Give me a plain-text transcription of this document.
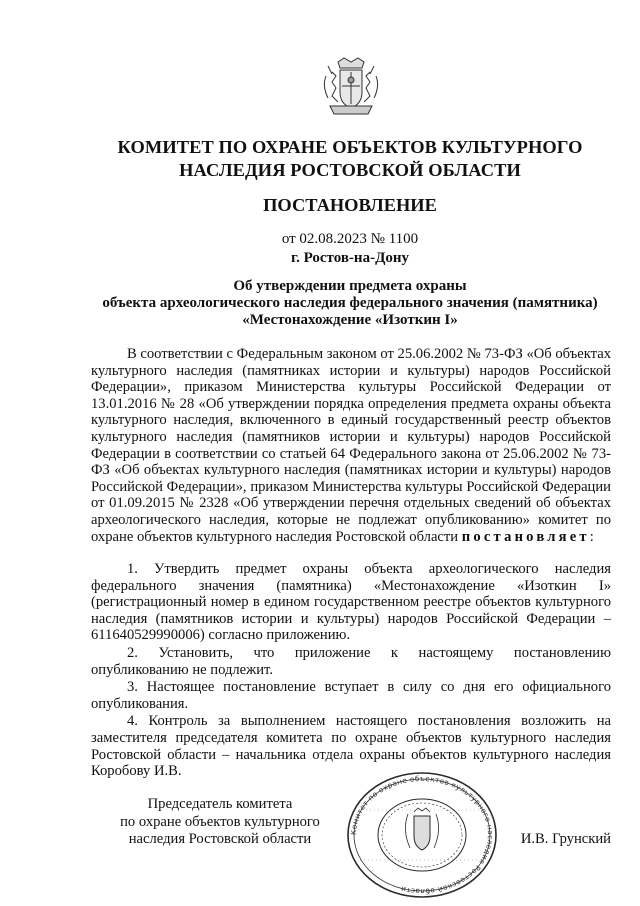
КОМИТЕТ ПО ОХРАНЕ ОБЪЕКТОВ КУЛЬТУРНОГО
НАСЛЕДИЯ РОСТОВСКОЙ ОБЛАСТИ
ПОСТАНОВЛЕНИЕ
от 02.08.2023 № 1100
г. Ростов-на-Дону
Об утверждении предмета охраны
объекта археологического наследия федерального значения (памятника)
«Местонахождение «Изоткин I»

В соответствии с Федеральным законом от 25.06.2002 № 73-ФЗ «Об объектах культурного наследия (памятниках истории и культуры) народов Российской Федерации», приказом Министерства культуры Российской Федерации от 13.01.2016 № 28 «Об утверждении порядка определения предмета охраны объекта культурного наследия, включенного в единый государственный реестр объектов культурного наследия (памятников истории и культуры) народов Российской Федерации в соответствии со статьей 64 Федерального закона от 25.06.2002 № 73-ФЗ «Об объектах культурного наследия (памятниках истории и культуры) народов Российской Федерации», приказом Министерства культуры Российской Федерации от 01.09.2015 № 2328 «Об утверждении перечня отдельных сведений об объектах археологического наследия, которые не подлежат опубликованию» комитет по охране объектов культурного наследия Ростовской области постановляет:

1. Утвердить предмет охраны объекта археологического наследия федерального значения (памятника) «Местонахождение «Изоткин I» (регистрационный номер в едином государственном реестре объектов культурного наследия (памятников истории и культуры) народов Российской Федерации – 611640529990006) согласно приложению.

2. Установить, что приложение к настоящему постановлению опубликованию не подлежит.

3. Настоящее постановление вступает в силу со дня его официального опубликования.

4. Контроль за выполнением настоящего постановления возложить на заместителя председателя комитета по охране объектов культурного наследия Ростовской области – начальника отдела охраны объектов культурного наследия Коробову И.В.

Комитет по охране объектов культурного наследия Ростовской области
Председатель комитета
по охране объектов культурного
наследия Ростовской области	И.В. Грунский
